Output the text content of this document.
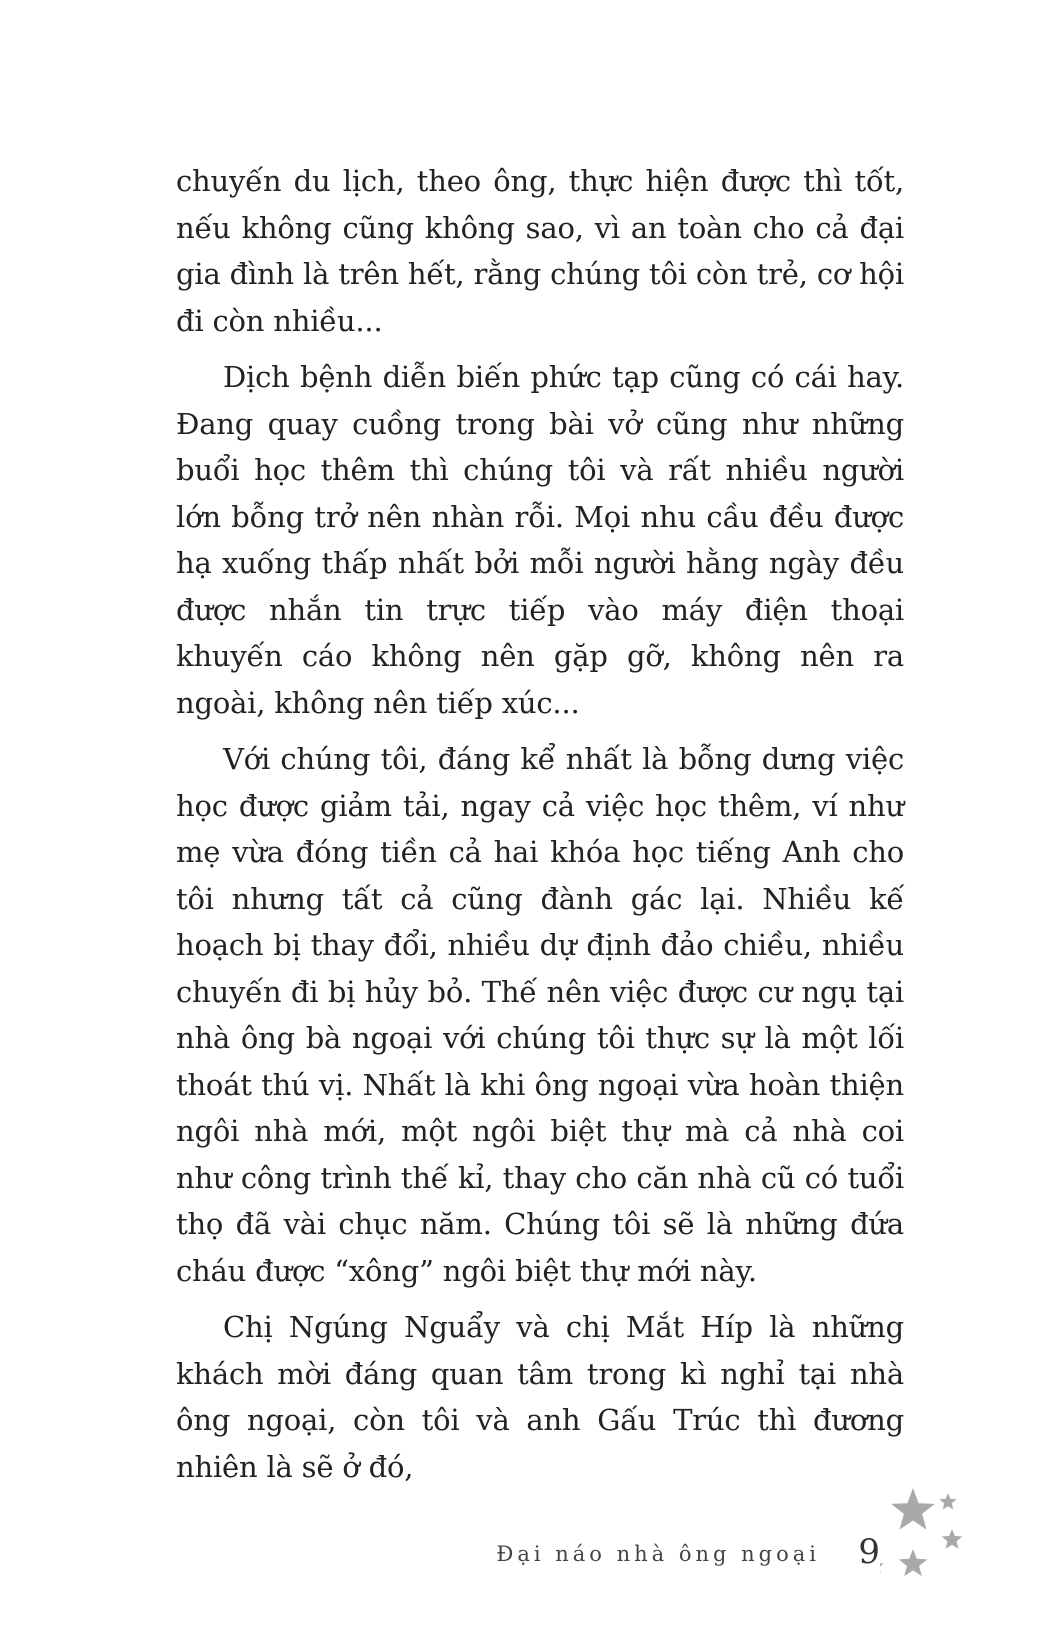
chuyến du lịch, theo ông, thực hiện được thì tốt, nếu không cũng không sao, vì an toàn cho cả đại gia đình là trên hết, rằng chúng tôi còn trẻ, cơ hội đi còn nhiều...

Dịch bệnh diễn biến phức tạp cũng có cái hay. Đang quay cuồng trong bài vở cũng như những buổi học thêm thì chúng tôi và rất nhiều người lớn bỗng trở nên nhàn rỗi. Mọi nhu cầu đều được hạ xuống thấp nhất bởi mỗi người hằng ngày đều được nhắn tin trực tiếp vào máy điện thoại khuyến cáo không nên gặp gỡ, không nên ra ngoài, không nên tiếp xúc...

Với chúng tôi, đáng kể nhất là bỗng dưng việc học được giảm tải, ngay cả việc học thêm, ví như mẹ vừa đóng tiền cả hai khóa học tiếng Anh cho tôi nhưng tất cả cũng đành gác lại. Nhiều kế hoạch bị thay đổi, nhiều dự định đảo chiều, nhiều chuyến đi bị hủy bỏ. Thế nên việc được cư ngụ tại nhà ông bà ngoại với chúng tôi thực sự là một lối thoát thú vị. Nhất là khi ông ngoại vừa hoàn thiện ngôi nhà mới, một ngôi biệt thự mà cả nhà coi như công trình thế kỉ, thay cho căn nhà cũ có tuổi thọ đã vài chục năm. Chúng tôi sẽ là những đứa cháu được “xông” ngôi biệt thự mới này.

Chị Ngúng Nguẩy và chị Mắt Híp là những khách mời đáng quan tâm trong kì nghỉ tại nhà ông ngoại, còn tôi và anh Gấu Trúc thì đương nhiên là sẽ ở đó,

Đại náo nhà ông ngoại 9
